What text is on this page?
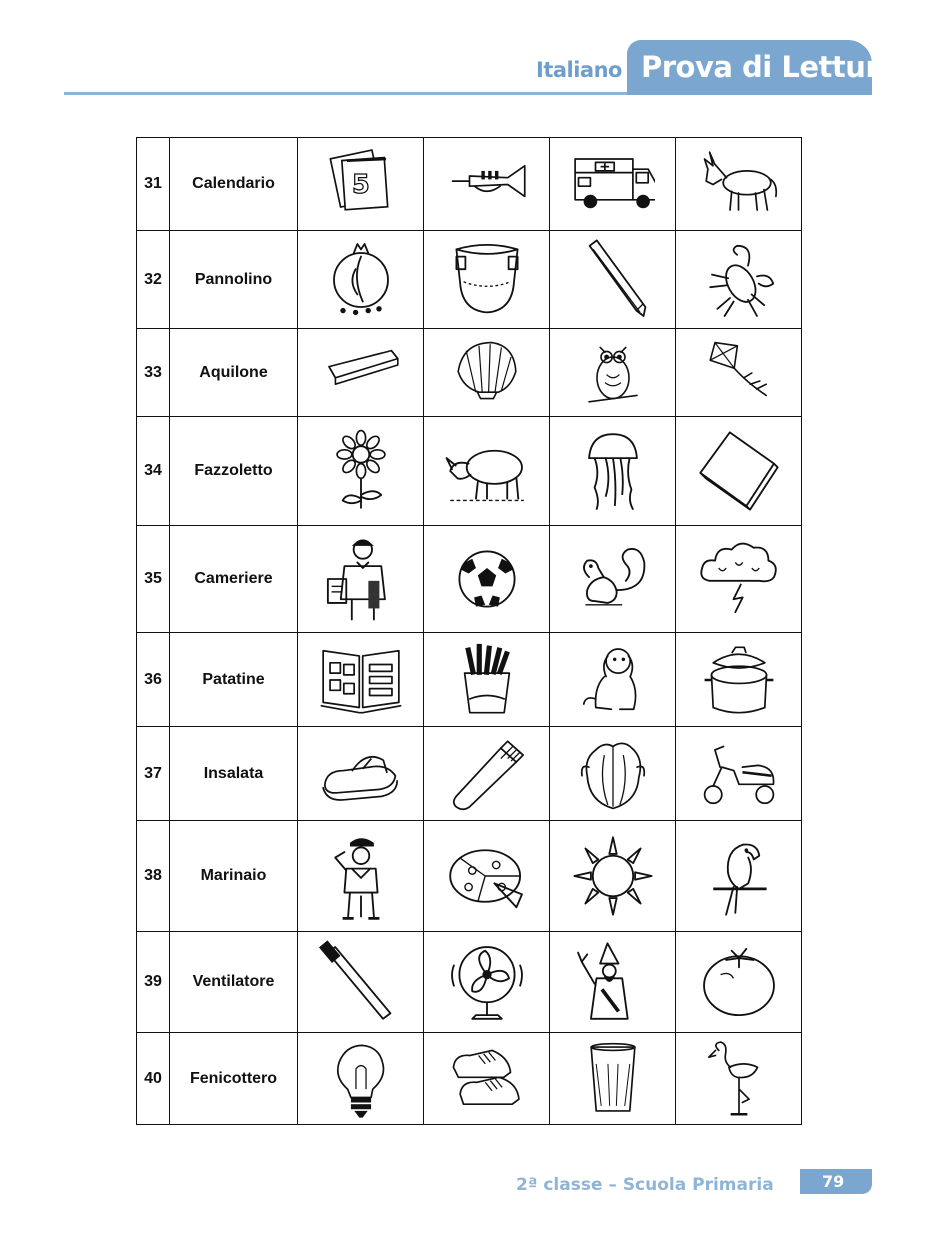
Italiano Prova di Lettura
31	Calendario	5

32	Pannolino	

33	Aquilone	

34	Fazzoletto	

35	Cameriere	

36	Patatine	

37	Insalata	

38	Marinaio	

39	Ventilatore	

40	Fenicottero	

2ª classe – Scuola Primaria	79
